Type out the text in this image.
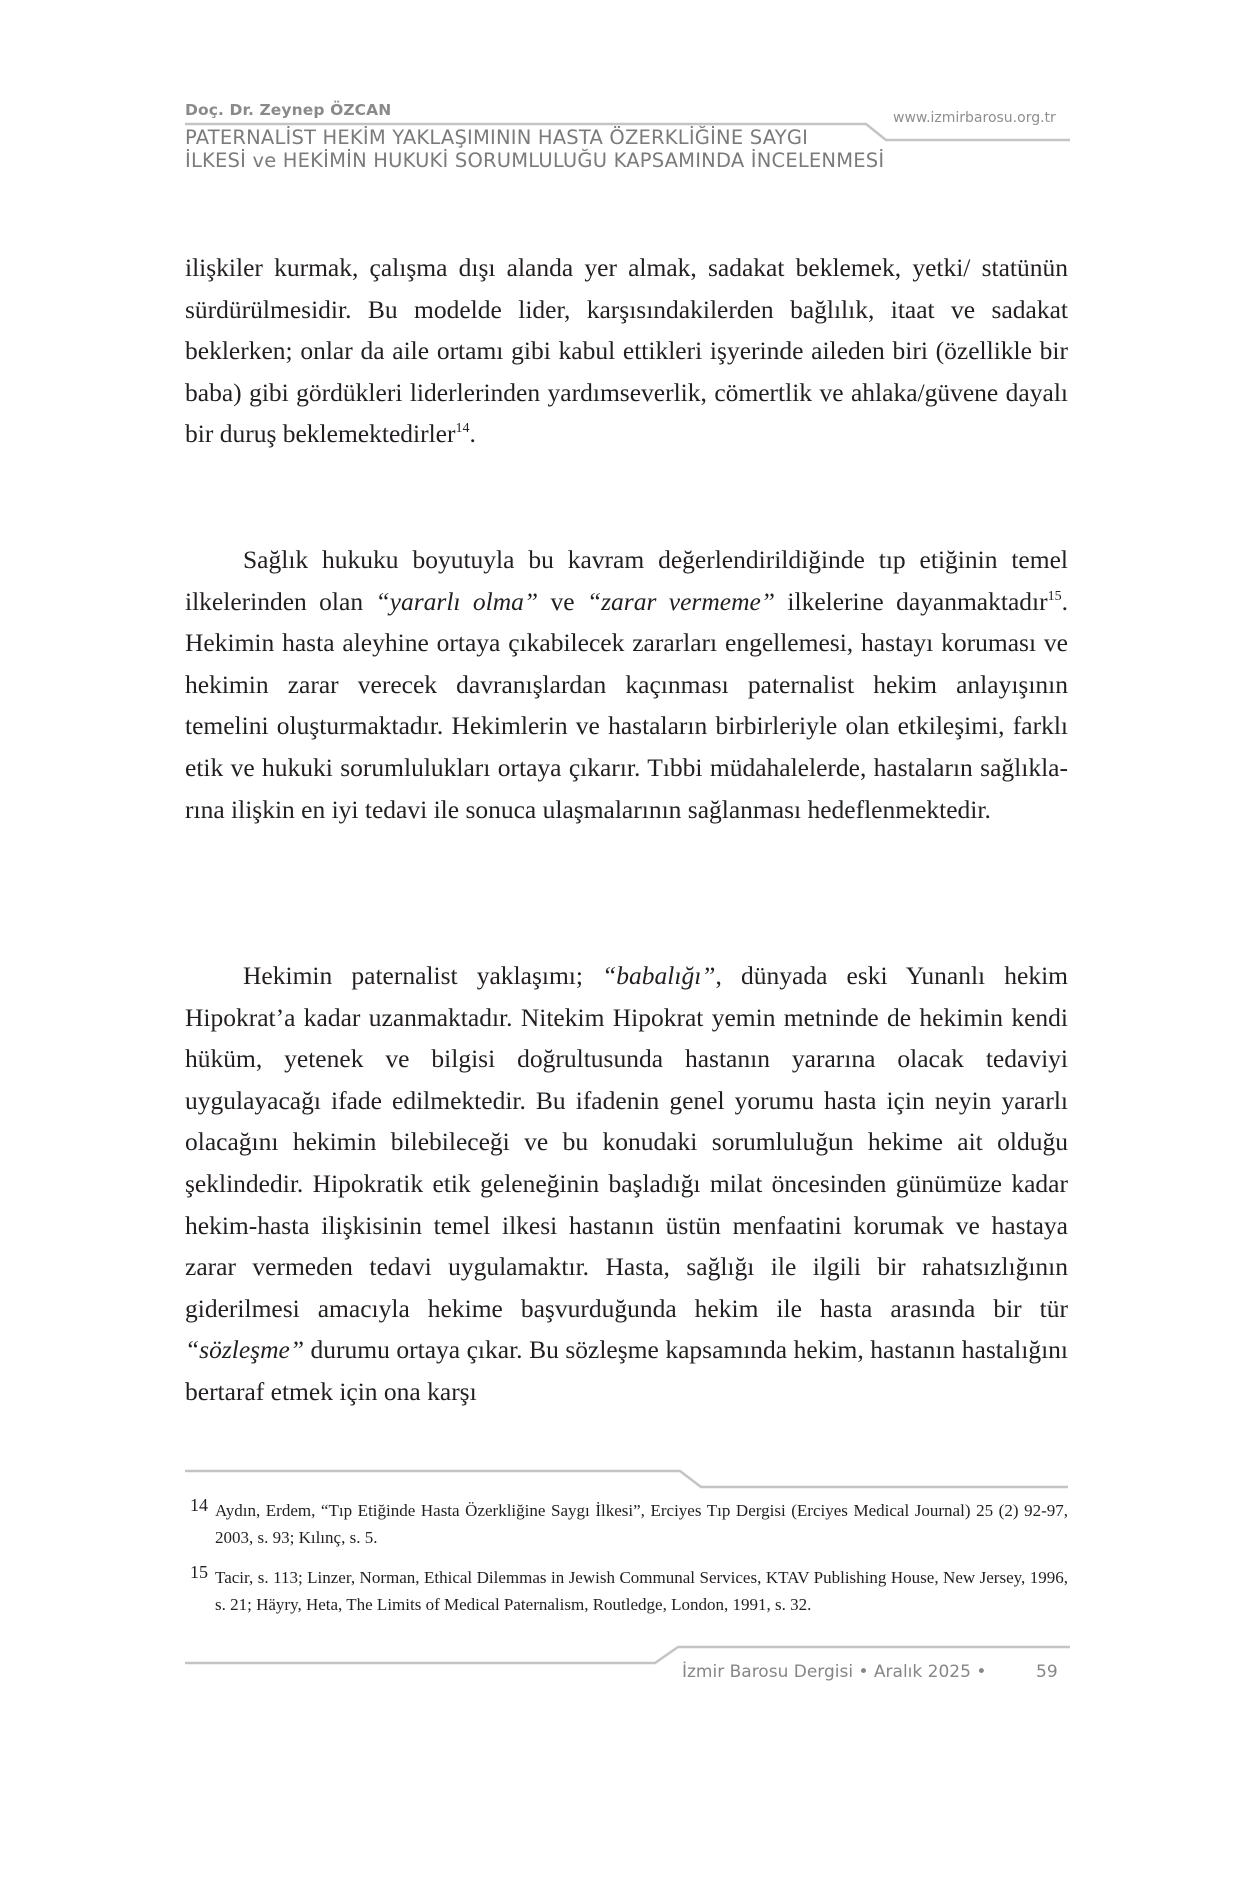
Doç. Dr. Zeynep ÖZCAN	www.izmirbarosu.org.tr
PATERNALİST HEKİM YAKLAŞIMININ HASTA ÖZERKLİĞİNE SAYGI
İLKESİ ve HEKİMİN HUKUKİ SORUMLULUĞU KAPSAMINDA İNCELENMESİ

ilişkiler kurmak, çalışma dışı alanda yer almak, sadakat beklemek, yetki/ statünün sürdürülmesidir. Bu modelde lider, karşısındakilerden bağlılık, itaat ve sadakat beklerken; onlar da aile ortamı gibi kabul ettikleri işyerinde aileden biri (özellikle bir baba) gibi gördükleri liderlerinden yardımseverlik, cömertlik ve ahlaka/güvene dayalı bir duruş beklemektedirler$^{14}$.

Sağlık hukuku boyutuyla bu kavram değerlendirildiğinde tıp etiğinin temel ilkelerinden olan “yararlı olma” ve “zarar vermeme” ilkelerine dayanmaktadır$^{15}$. Hekimin hasta aleyhine ortaya çıkabilecek zararları engellemesi, hastayı koruması ve hekimin zarar verecek davranışlardan kaçınması paternalist hekim anlayışının temelini oluşturmaktadır. Hekimlerin ve hastaların birbirleriyle olan etkileşimi, farklı etik ve hukuki sorumlulukları ortaya çıkarır. Tıbbi müdahalelerde, hastaların sağlıklarına ilişkin en iyi tedavi ile sonuca ulaşmalarının sağlanması hedeflenmektedir.

Hekimin paternalist yaklaşımı; “babalığı”, dünyada eski Yunanlı hekim Hipokrat’a kadar uzanmaktadır. Nitekim Hipokrat yemin metninde de hekimin kendi hüküm, yetenek ve bilgisi doğrultusunda hastanın yararına olacak tedaviyi uygulayacağı ifade edilmektedir. Bu ifadenin genel yorumu hasta için neyin yararlı olacağını hekimin bilebileceği ve bu konudaki sorumluluğun hekime ait olduğu şeklindedir. Hipokratik etik geleneğinin başladığı milat öncesinden günümüze kadar hekim-hasta ilişkisinin temel ilkesi hastanın üstün menfaatini korumak ve hastaya zarar vermeden tedavi uygulamaktır. Hasta, sağlığı ile ilgili bir rahatsızlığının giderilmesi amacıyla hekime başvurduğunda hekim ile hasta arasında bir tür “sözleşme” durumu ortaya çıkar. Bu sözleşme kapsamında hekim, hastanın hastalığını bertaraf etmek için ona karşı

14 Aydın, Erdem, “Tıp Etiğinde Hasta Özerkliğine Saygı İlkesi”, Erciyes Tıp Dergisi (Erciyes Medical Journal) 25 (2) 92-97, 2003, s. 93; Kılınç, s. 5.
15 Tacir, s. 113; Linzer, Norman, Ethical Dilemmas in Jewish Communal Services, KTAV Publishing House, New Jersey, 1996, s. 21; Häyry, Heta, The Limits of Medical Paternalism, Routledge, London, 1991, s. 32.
İzmir Barosu Dergisi • Aralık 2025 •	59
